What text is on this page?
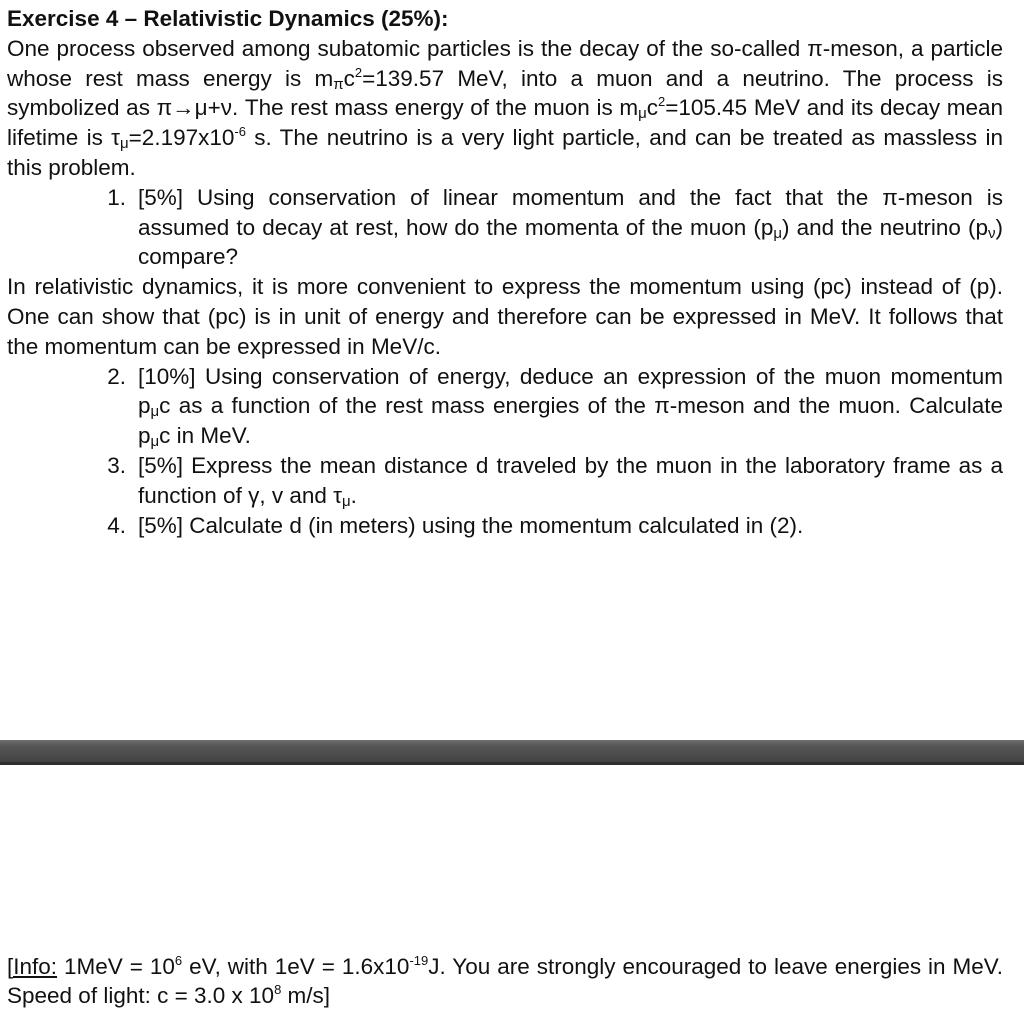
Exercise 4 – Relativistic Dynamics (25%):

One process observed among subatomic particles is the decay of the so-called π-meson, a particle whose rest mass energy is $m_\pi c^2=139.57$ MeV, into a muon and a neutrino. The process is symbolized as π→μ+ν. The rest mass energy of the muon is $m_\mu c^2=105.45$ MeV and its decay mean lifetime is $\tau_\mu=2.197x10^{-6}$ s. The neutrino is a very light particle, and can be treated as massless in this problem.

1. [5%] Using conservation of linear momentum and the fact that the π-meson is assumed to decay at rest, how do the momenta of the muon $(p_\mu)$ and the neutrino $(p_\nu)$ compare?

In relativistic dynamics, it is more convenient to express the momentum using (pc) instead of (p). One can show that (pc) is in unit of energy and therefore can be expressed in MeV. It follows that the momentum can be expressed in MeV/c.

2. [10%] Using conservation of energy, deduce an expression of the muon momentum $p_\mu c$ as a function of the rest mass energies of the π-meson and the muon. Calculate $p_\mu c$ in MeV.
3. [5%] Express the mean distance d traveled by the muon in the laboratory frame as a function of γ, v and $\tau_\mu$.
4. [5%] Calculate d (in meters) using the momentum calculated in (2).

[Info: $1MeV = 10^6$ eV, with $1eV = 1.6x10^{-19}J$. You are strongly encouraged to leave energies in MeV. Speed of light: c = 3.0 x $10^8$ m/s]
